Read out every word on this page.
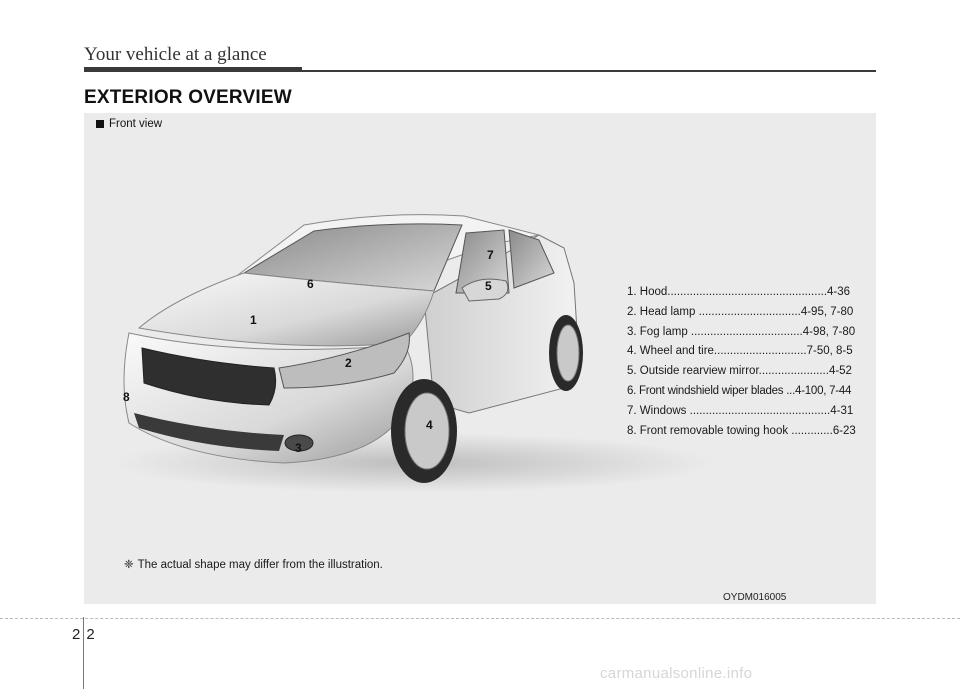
Your vehicle at a glance
EXTERIOR OVERVIEW
Front view
1
2
3
4
5
6
7
8
1. Hood..................................................4-36
2. Head lamp ................................4-95, 7-80
3. Fog lamp ...................................4-98, 7-80
4. Wheel and tire.............................7-50, 8-5
5. Outside rearview mirror......................4-52
6. Front windshield wiper blades ...4-100, 7-44
7. Windows ............................................4-31
8. Front removable towing hook .............6-23
❈ The actual shape may differ from the illustration.
OYDM016005
22
carmanualsonline.info
